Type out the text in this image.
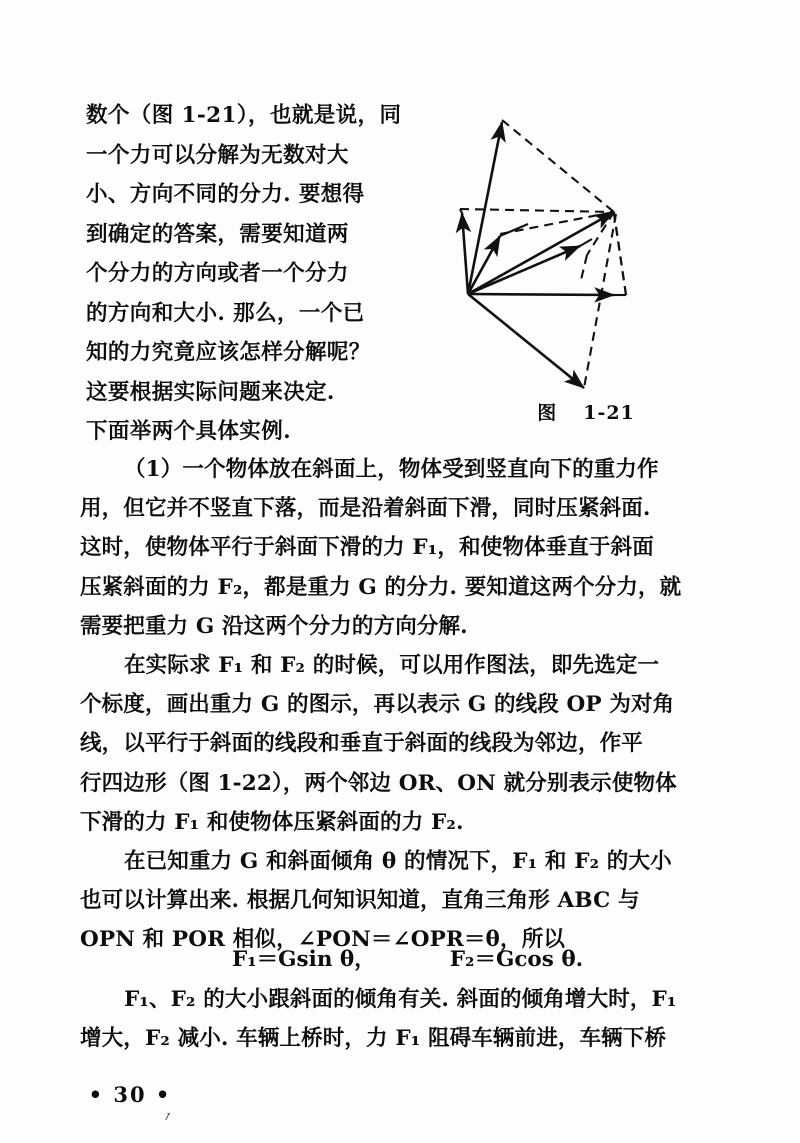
数个（图 1-21），也就是说，同
一个力可以分解为无数对大
小、方向不同的分力. 要想得
到确定的答案，需要知道两
个分力的方向或者一个分力
的方向和大小. 那么，一个已
知的力究竟应该怎样分解呢？
这要根据实际问题来决定.
下面举两个具体实例.
图 1-21
（1）一个物体放在斜面上，物体受到竖直向下的重力作
用，但它并不竖直下落，而是沿着斜面下滑，同时压紧斜面.
这时，使物体平行于斜面下滑的力 F₁，和使物体垂直于斜面
压紧斜面的力 F₂，都是重力 G 的分力. 要知道这两个分力，就
需要把重力 G 沿这两个分力的方向分解.
在实际求 F₁ 和 F₂ 的时候，可以用作图法，即先选定一
个标度，画出重力 G 的图示，再以表示 G 的线段 OP 为对角
线，以平行于斜面的线段和垂直于斜面的线段为邻边，作平
行四边形（图 1-22），两个邻边 OR、ON 就分别表示使物体
下滑的力 F₁ 和使物体压紧斜面的力 F₂.
在已知重力 G 和斜面倾角 θ 的情况下，F₁ 和 F₂ 的大小
也可以计算出来. 根据几何知识知道，直角三角形 ABC 与
OPN 和 POR 相似，∠PON＝∠OPR＝θ，所以
F₁＝Gsin θ，	F₂＝Gcos θ.
F₁、F₂ 的大小跟斜面的倾角有关. 斜面的倾角增大时，F₁
增大，F₂ 减小. 车辆上桥时，力 F₁ 阻碍车辆前进，车辆下桥
• 30 •
↗
